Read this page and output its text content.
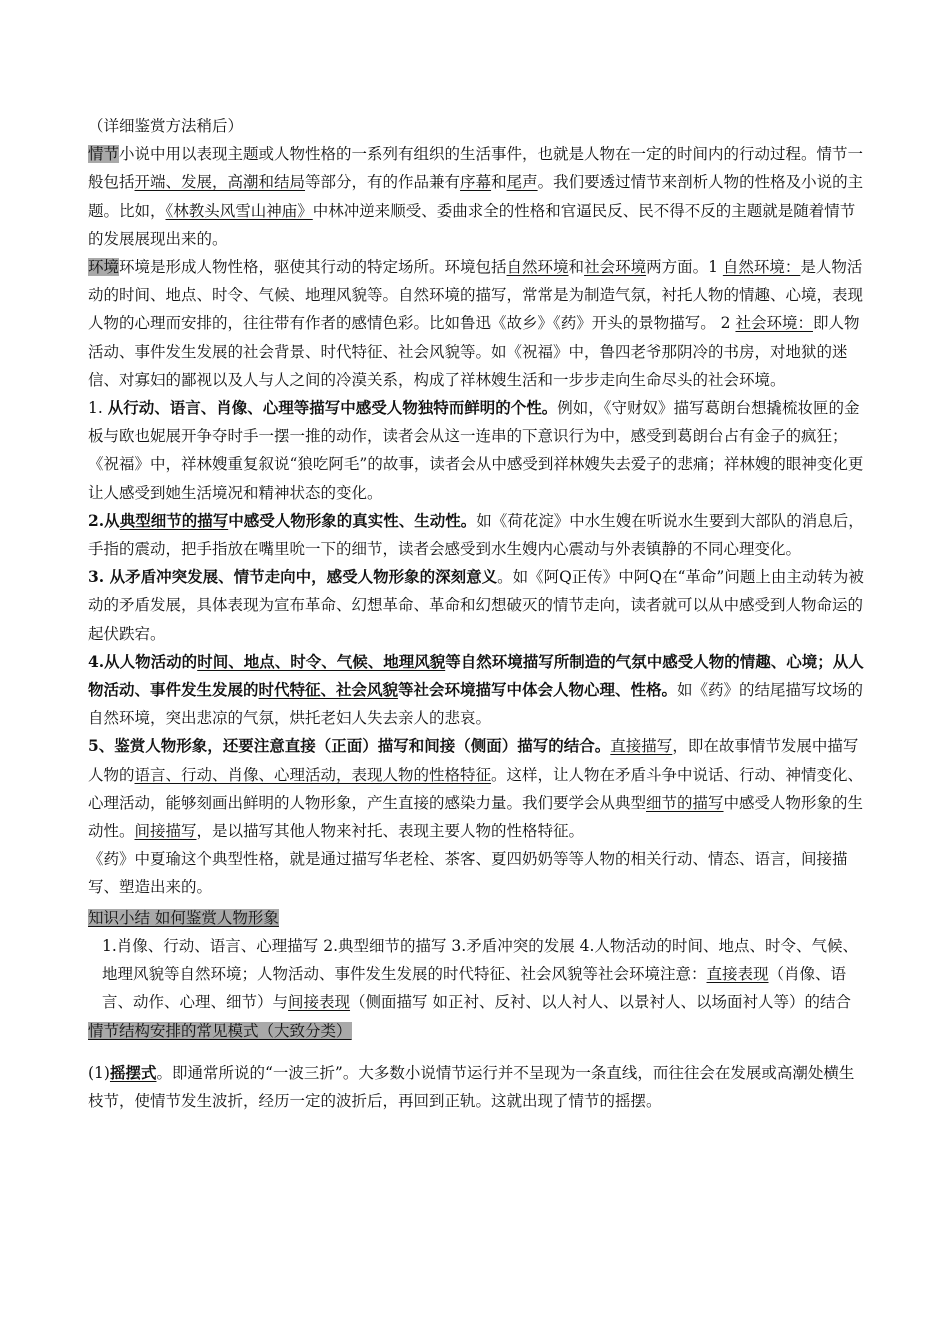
（详细鉴赏方法稍后）

情节小说中用以表现主题或人物性格的一系列有组织的生活事件，也就是人物在一定的时间内的行动过程。情节一般包括开端、发展，高潮和结局等部分，有的作品兼有序幕和尾声。我们要透过情节来剖析人物的性格及小说的主题。比如，《林教头风雪山神庙》中林冲逆来顺受、委曲求全的性格和官逼民反、民不得不反的主题就是随着情节的发展展现出来的。

环境环境是形成人物性格，驱使其行动的特定场所。环境包括自然环境和社会环境两方面。1 自然环境：是人物活动的时间、地点、时令、气候、地理风貌等。自然环境的描写，常常是为制造气氛，衬托人物的情趣、心境，表现人物的心理而安排的，往往带有作者的感情色彩。比如鲁迅《故乡》《药》开头的景物描写。 2 社会环境：即人物活动、事件发生发展的社会背景、时代特征、社会风貌等。如《祝福》中，鲁四老爷那阴冷的书房，对地狱的迷信、对寡妇的鄙视以及人与人之间的冷漠关系，构成了祥林嫂生活和一步步走向生命尽头的社会环境。

1. 从行动、语言、肖像、心理等描写中感受人物独特而鲜明的个性。例如，《守财奴》描写葛朗台想撬梳妆匣的金板与欧也妮展开争夺时手一摆一推的动作，读者会从这一连串的下意识行为中，感受到葛朗台占有金子的疯狂；《祝福》中，祥林嫂重复叙说“狼吃阿毛”的故事，读者会从中感受到祥林嫂失去爱子的悲痛；祥林嫂的眼神变化更让人感受到她生活境况和精神状态的变化。

2.从典型细节的描写中感受人物形象的真实性、生动性。如《荷花淀》中水生嫂在听说水生要到大部队的消息后，手指的震动，把手指放在嘴里吮一下的细节，读者会感受到水生嫂内心震动与外表镇静的不同心理变化。

3. 从矛盾冲突发展、情节走向中，感受人物形象的深刻意义。如《阿Q正传》中阿Q在“革命”问题上由主动转为被动的矛盾发展，具体表现为宣布革命、幻想革命、革命和幻想破灭的情节走向，读者就可以从中感受到人物命运的起伏跌宕。

4.从人物活动的时间、地点、时令、气候、地理风貌等自然环境描写所制造的气氛中感受人物的情趣、心境；从人物活动、事件发生发展的时代特征、社会风貌等社会环境描写中体会人物心理、性格。如《药》的结尾描写坟场的自然环境，突出悲凉的气氛，烘托老妇人失去亲人的悲哀。

5、鉴赏人物形象，还要注意直接（正面）描写和间接（侧面）描写的结合。直接描写，即在故事情节发展中描写人物的语言、行动、肖像、心理活动，表现人物的性格特征。这样，让人物在矛盾斗争中说话、行动、神情变化、心理活动，能够刻画出鲜明的人物形象，产生直接的感染力量。我们要学会从典型细节的描写中感受人物形象的生动性。间接描写，是以描写其他人物来衬托、表现主要人物的性格特征。

《药》中夏瑜这个典型性格，就是通过描写华老栓、茶客、夏四奶奶等等人物的相关行动、情态、语言，间接描写、塑造出来的。

知识小结 如何鉴赏人物形象

1.肖像、行动、语言、心理描写 2.典型细节的描写 3.矛盾冲突的发展 4.人物活动的时间、地点、时令、气候、地理风貌等自然环境；人物活动、事件发生发展的时代特征、社会风貌等社会环境注意：直接表现（肖像、语言、动作、心理、细节）与间接表现（侧面描写 如正衬、反衬、以人衬人、以景衬人、以场面衬人等）的结合

情节结构安排的常见模式（大致分类）

(1)摇摆式。即通常所说的“一波三折”。大多数小说情节运行并不呈现为一条直线，而往往会在发展或高潮处横生枝节，使情节发生波折，经历一定的波折后，再回到正轨。这就出现了情节的摇摆。
